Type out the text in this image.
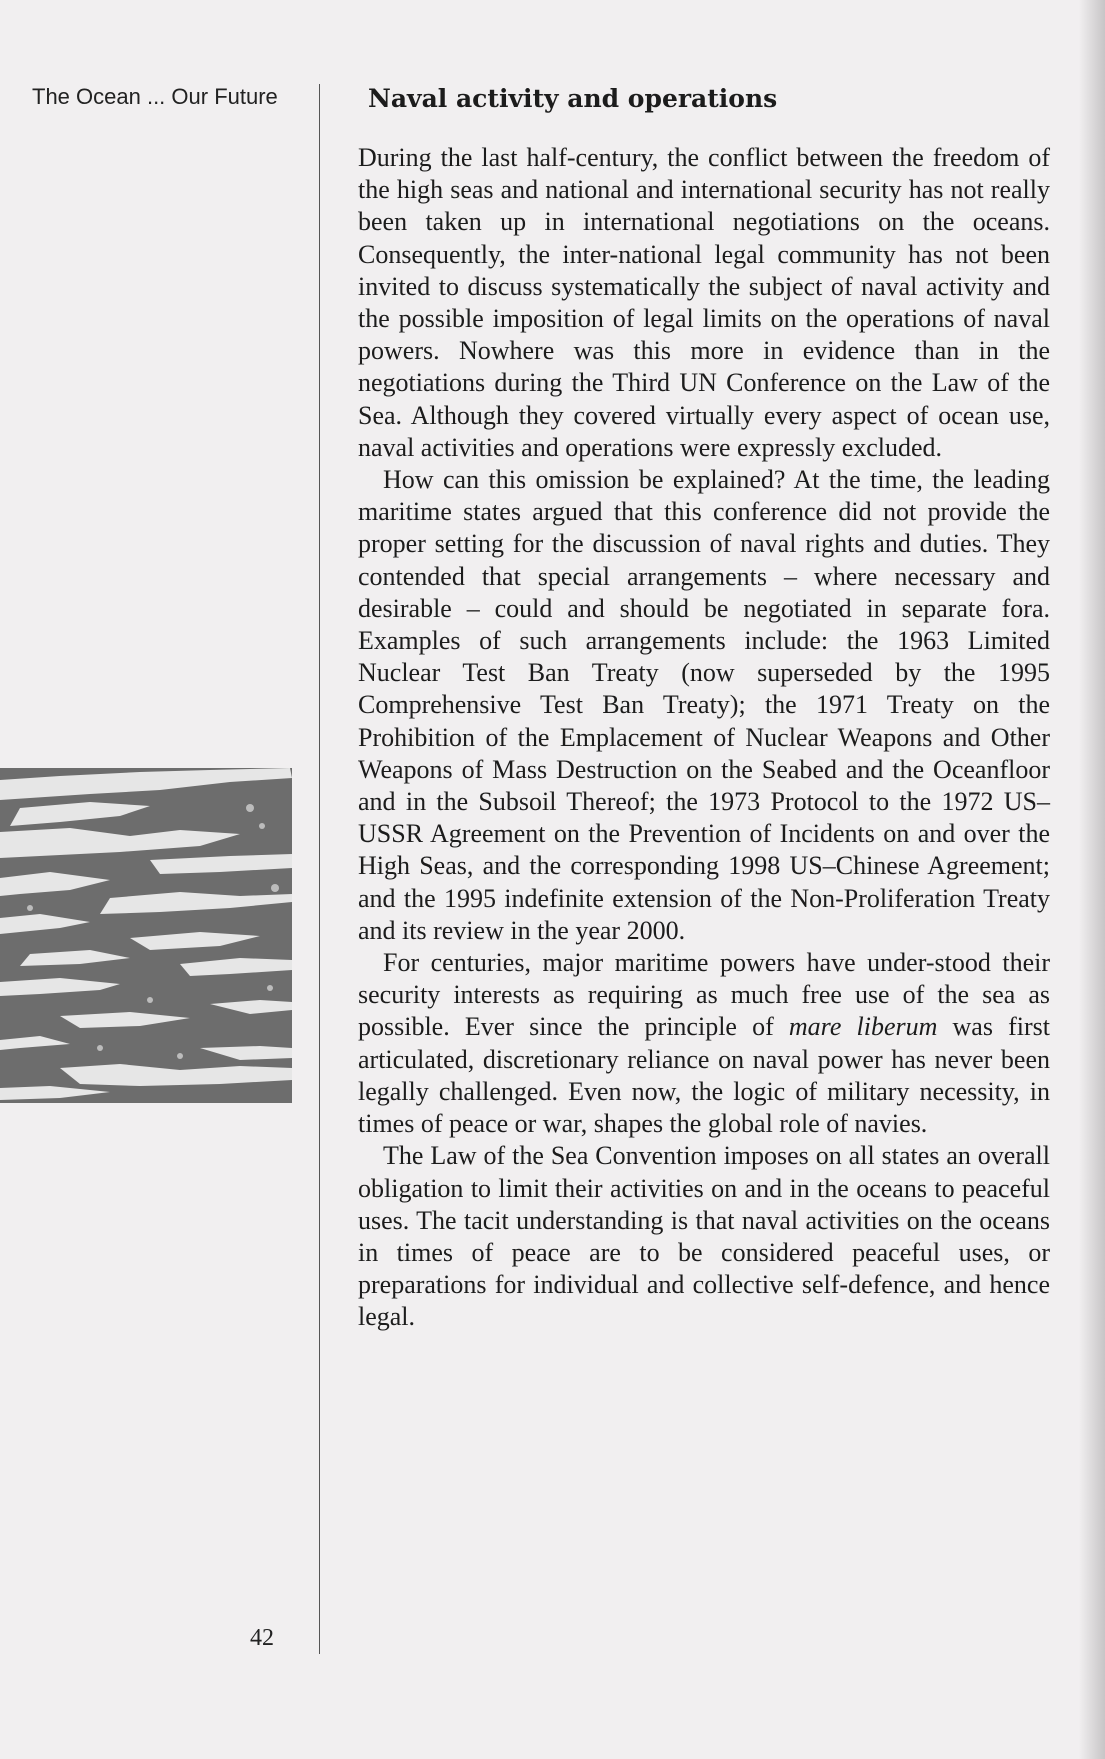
The Ocean ... Our Future
42
Naval activity and operations

During the last half-century, the conflict between the freedom of the high seas and national and international security has not really been taken up in international negotiations on the oceans. Consequently, the inter-national legal community has not been invited to discuss systematically the subject of naval activity and the possible imposition of legal limits on the operations of naval powers. Nowhere was this more in evidence than in the negotiations during the Third UN Conference on the Law of the Sea. Although they covered virtually every aspect of ocean use, naval activities and operations were expressly excluded.

How can this omission be explained? At the time, the leading maritime states argued that this conference did not provide the proper setting for the discussion of naval rights and duties. They contended that special arrangements – where necessary and desirable – could and should be negotiated in separate fora. Examples of such arrangements include: the 1963 Limited Nuclear Test Ban Treaty (now superseded by the 1995 Comprehensive Test Ban Treaty); the 1971 Treaty on the Prohibition of the Emplacement of Nuclear Weapons and Other Weapons of Mass Destruction on the Seabed and the Oceanfloor and in the Subsoil Thereof; the 1973 Protocol to the 1972 US–USSR Agreement on the Prevention of Incidents on and over the High Seas, and the corresponding 1998 US–Chinese Agreement; and the 1995 indefinite extension of the Non-Proliferation Treaty and its review in the year 2000.

For centuries, major maritime powers have under-stood their security interests as requiring as much free use of the sea as possible. Ever since the principle of mare liberum was first articulated, discretionary reliance on naval power has never been legally challenged. Even now, the logic of military necessity, in times of peace or war, shapes the global role of navies.

The Law of the Sea Convention imposes on all states an overall obligation to limit their activities on and in the oceans to peaceful uses. The tacit understanding is that naval activities on the oceans in times of peace are to be considered peaceful uses, or preparations for individual and collective self-defence, and hence legal.
